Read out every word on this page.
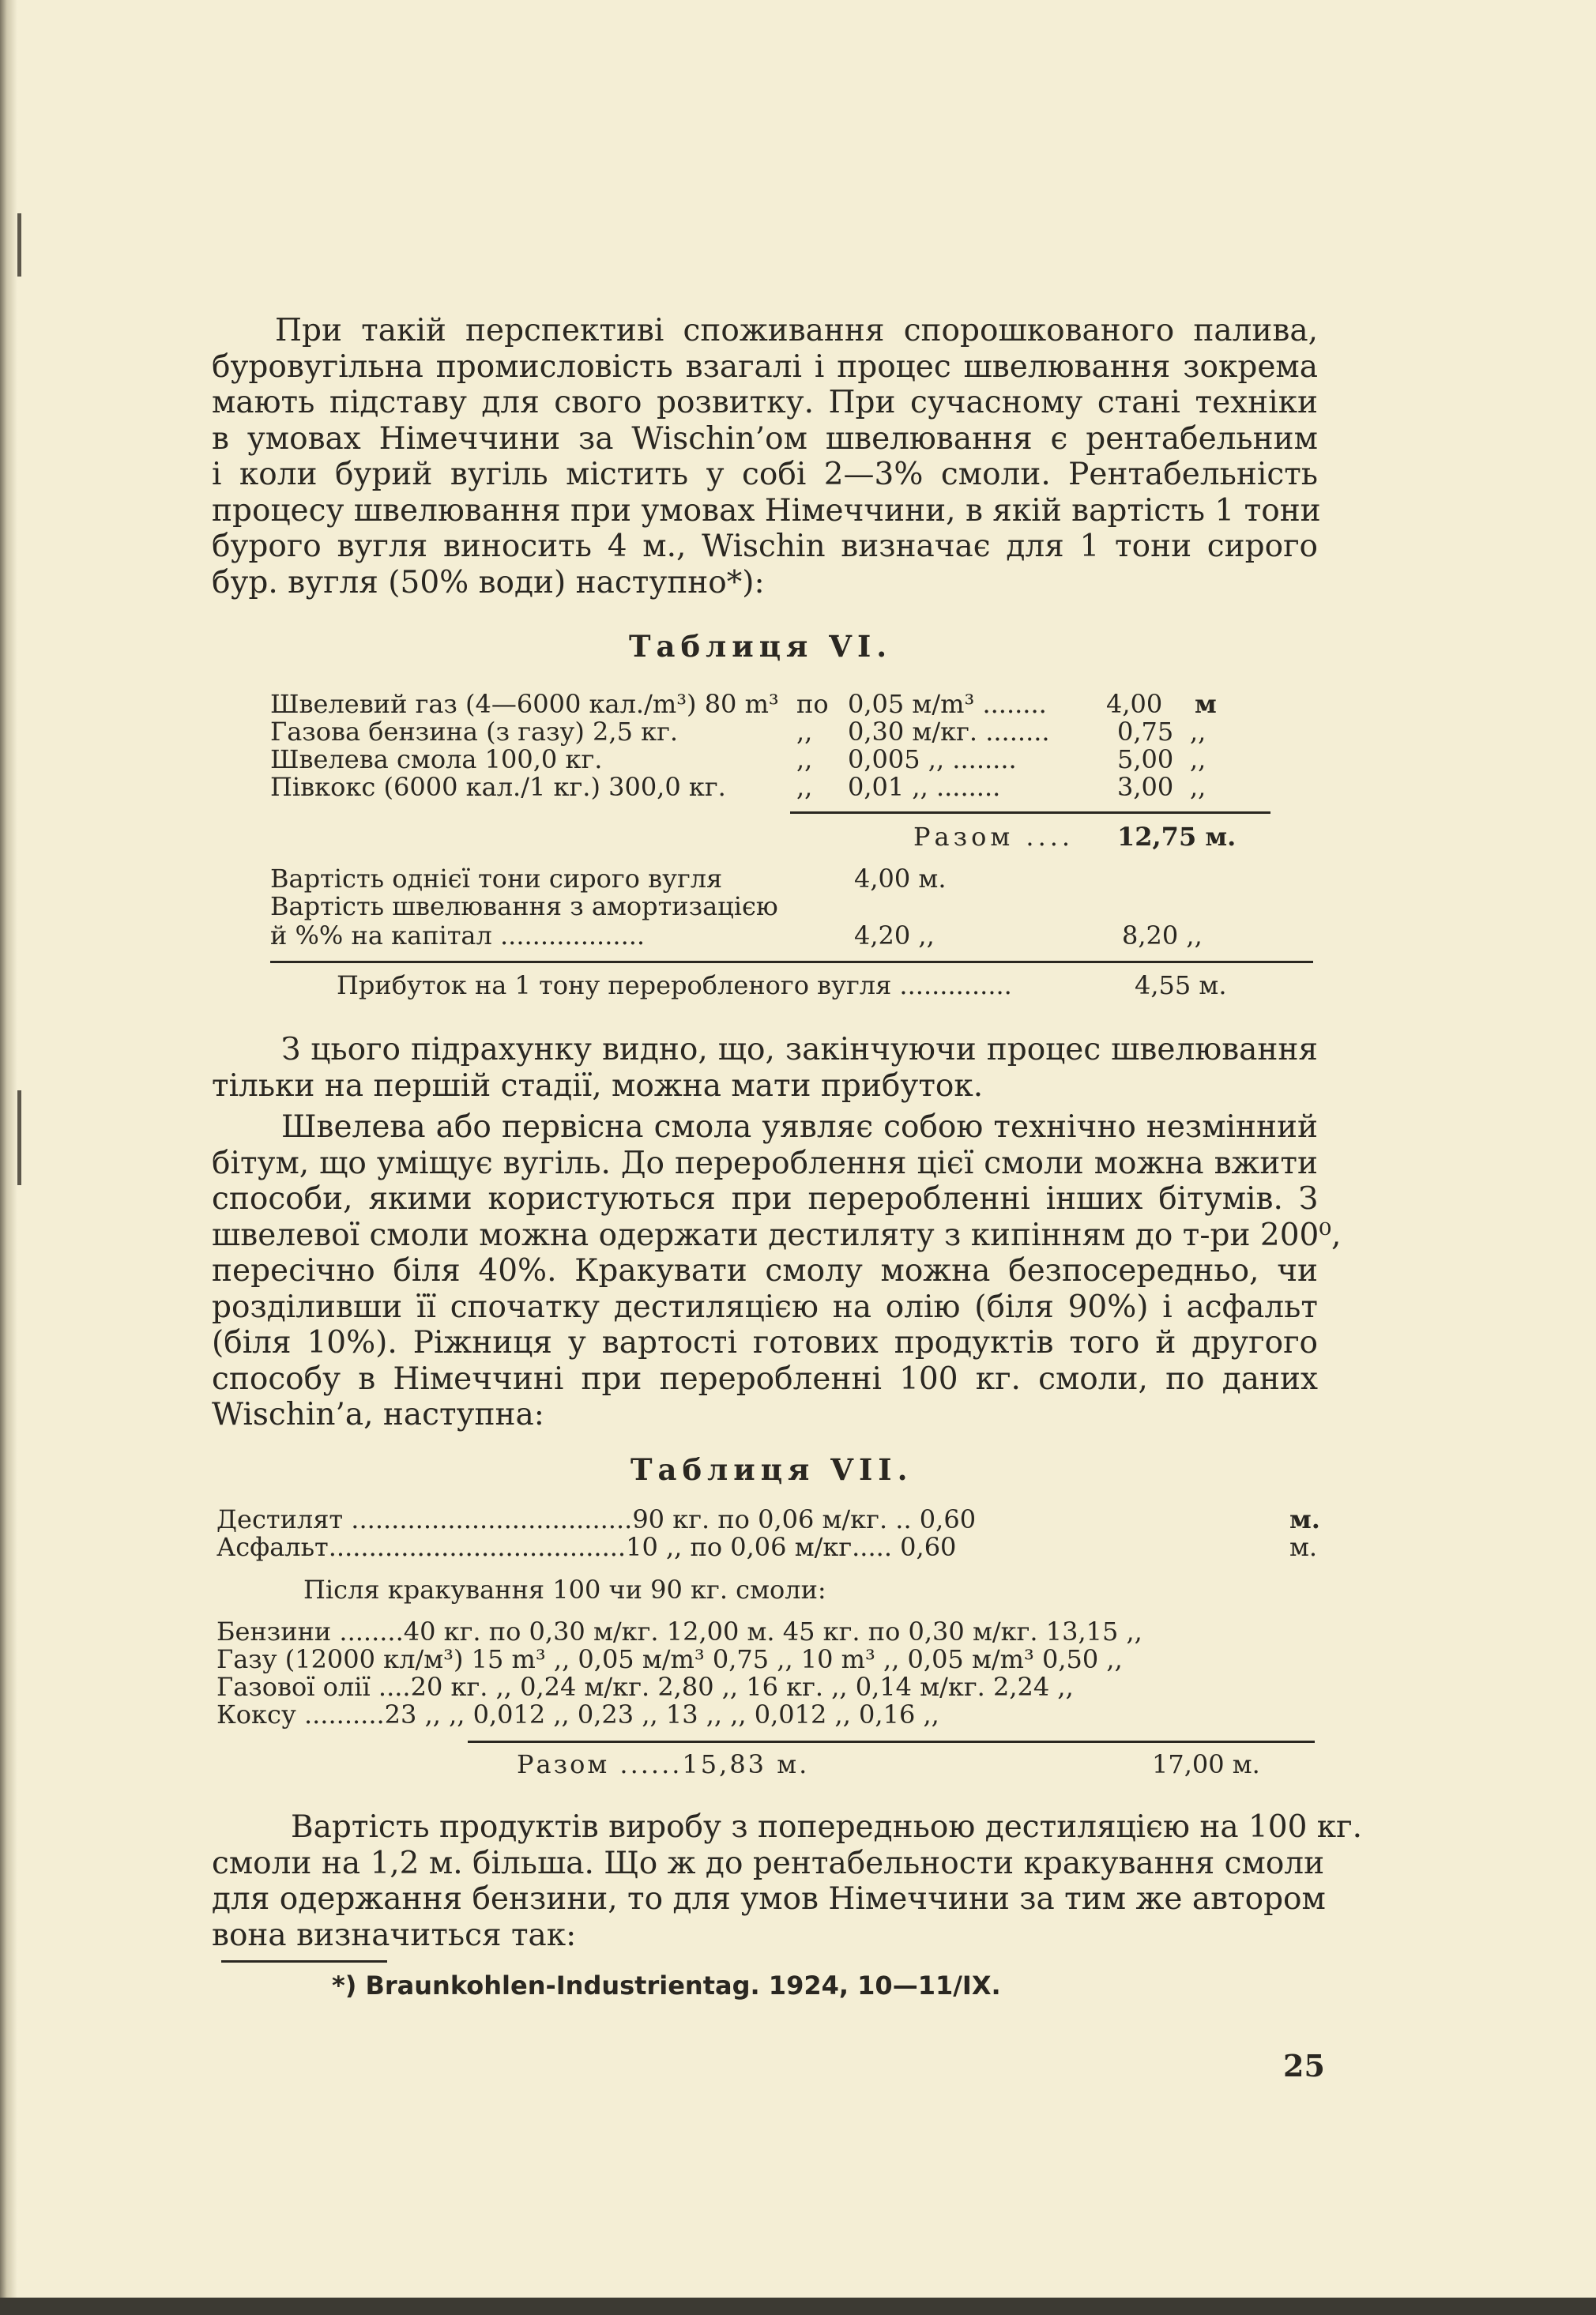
При такій перспективі споживання спорошкованого палива,
буровугільна промисловість взагалі і процес швелювання зокрема
мають підставу для свого розвитку. При сучасному стані техніки
в умовах Німеччини за Wischin’ом швелювання є рентабельним
і коли бурий вугіль містить у собі 2—3% смоли. Рентабельність
процесу швелювання при умовах Німеччини, в якій вартість 1 тони
бурого вугля виносить 4 м., Wischin визначає для 1 тони сирого
бур. вугля (50% води) наступно*):
Таблиця VI.
Швелевий газ (4—6000 кал./m³) 80 m³ по 0,05 м/m³ ........ 4,00 м
Газова бензина (з газу) 2,5 кг.	,, 0,30 м/кг. ........	0,75 ,,
Швелева смола 100,0 кг.	,, 0,005 ,, ........	5,00 ,,
Півкокс (6000 кал./1 кг.) 300,0 кг.	,, 0,01 ,, ........	3,00 ,,
Разом .... 12,75 м.
Вартість однієї тони сирого вугля	4,00 м.
Вартість швелювання з амортизацією
й %% на капітал ..................	4,20 ,,	8,20 ,,
Прибуток на 1 тону переробленого вугля ..............	4,55 м.
З цього підрахунку видно, що, закінчуючи процес швелювання
тільки на першій стадії, можна мати прибуток.
Швелева або первісна смола уявляє собою технічно незмінний
бітум, що уміщує вугіль. До перероблення цієї смоли можна вжити
способи, якими користуються при переробленні інших бітумів. З
швелевої смоли можна одержати дестиляту з кипінням до т-ри 200⁰,
пересічно біля 40%. Кракувати смолу можна безпосередньо, чи
розділивши її спочатку дестиляцією на олію (біля 90%) і асфальт
(біля 10%). Ріжниця у вартості готових продуктів того й другого
способу в Німеччині при переробленні 100 кг. смоли, по даних
Wischin’а, наступна:
Таблиця VII.
Дестилят ...................................90 кг. по 0,06 м/кг. .. 0,60	м.
Асфальт.....................................10 ,, по 0,06 м/кг..... 0,60	м.
Після кракування 100 чи 90 кг. смоли:
Бензини ........40 кг. по 0,30 м/кг. 12,00 м. 45 кг. по 0,30 м/кг. 13,15 ,,
Газу (12000 кл/м³) 15 m³ ,, 0,05 м/m³ 0,75 ,, 10 m³ ,, 0,05 м/m³ 0,50 ,,
Газової олії ....20 кг. ,, 0,24 м/кг. 2,80 ,, 16 кг. ,, 0,14 м/кг. 2,24 ,,
Коксу ..........23 ,, ,, 0,012 ,, 0,23 ,, 13 ,, ,, 0,012 ,, 0,16 ,,
Разом ......15,83 м.	17,00 м.
Вартість продуктів виробу з попередньою дестиляцією на 100 кг.
смоли на 1,2 м. більша. Що ж до рентабельности кракування смоли
для одержання бензини, то для умов Німеччини за тим же автором
вона визначиться так:
*) Braunkohlen-Industrientag. 1924, 10—11/IX.
25
